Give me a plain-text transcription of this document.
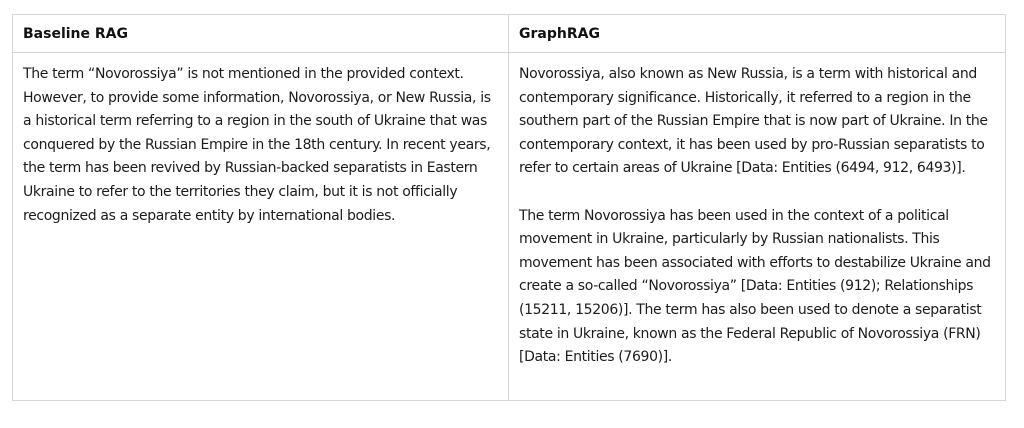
Baseline RAG	GraphRAG

The term “Novorossiya” is not mentioned in the provided context. However, to provide some information, Novorossiya, or New Russia, is a historical term referring to a region in the south of Ukraine that was conquered by the Russian Empire in the 18th century. In recent years, the term has been revived by Russian-backed separatists in Eastern Ukraine to refer to the territories they claim, but it is not officially recognized as a separate entity by international bodies.

Novorossiya, also known as New Russia, is a term with historical and contemporary significance. Historically, it referred to a region in the southern part of the Russian Empire that is now part of Ukraine. In the contemporary context, it has been used by pro-Russian separatists to refer to certain areas of Ukraine [Data: Entities (6494, 912, 6493)].

The term Novorossiya has been used in the context of a political movement in Ukraine, particularly by Russian nationalists. This movement has been associated with efforts to destabilize Ukraine and create a so-called “Novorossiya” [Data: Entities (912); Relationships (15211, 15206)]. The term has also been used to denote a separatist state in Ukraine, known as the Federal Republic of Novorossiya (FRN) [Data: Entities (7690)].
